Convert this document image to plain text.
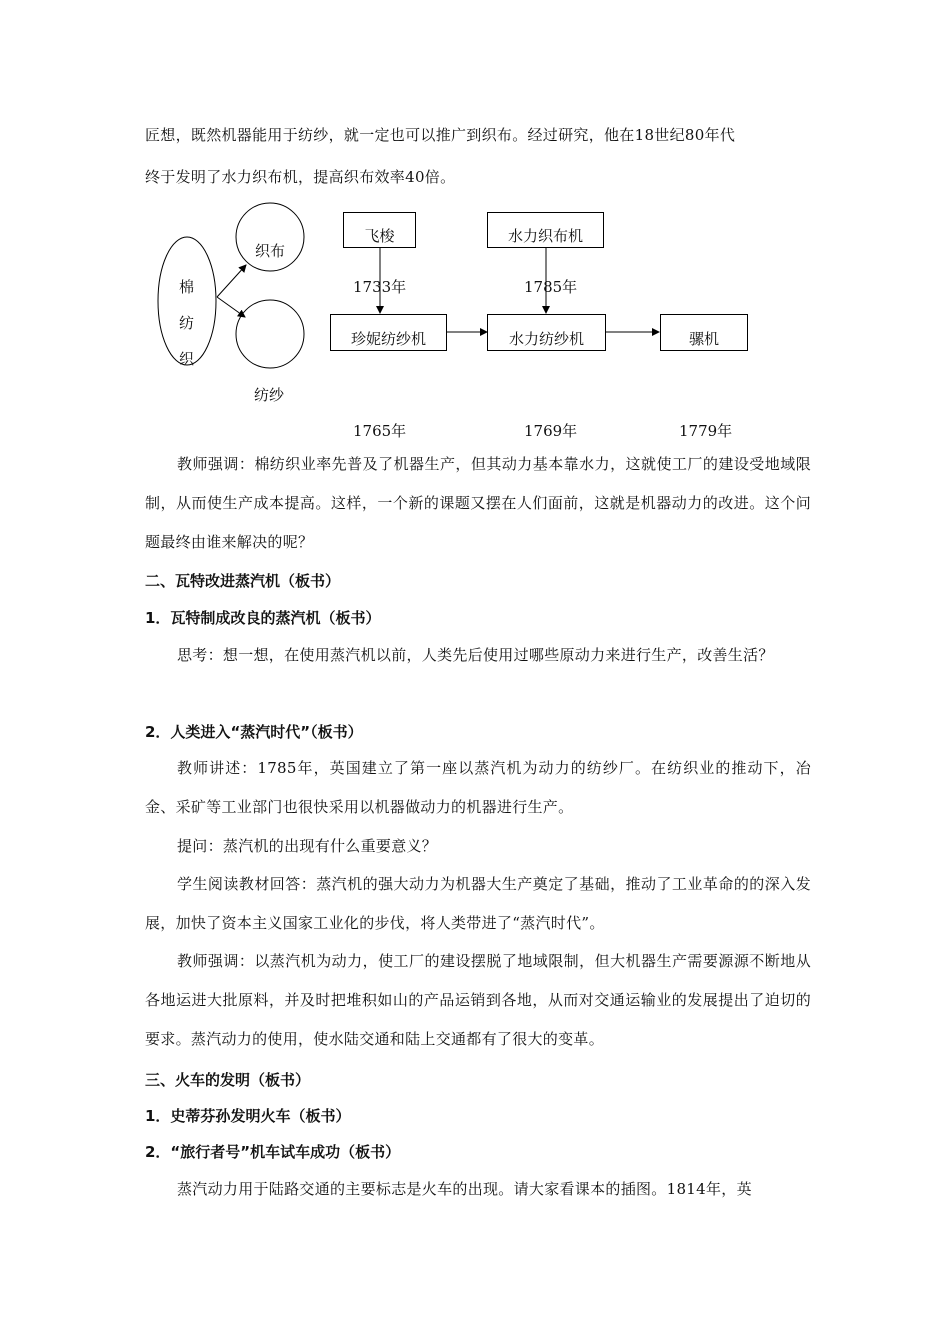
匠想，既然机器能用于纺纱，就一定也可以推广到织布。经过研究，他在18世纪80年代
终于发明了水力织布机，提高织布效率40倍。
棉
纺
织
织布
纺纱
飞梭	水力织布机
珍妮纺纱机	水力纺纱机	骡机
1733年	1785年
1765年	1769年	1779年

教师强调：棉纺织业率先普及了机器生产，但其动力基本靠水力，这就使工厂的建设受地域限制，从而使生产成本提高。这样，一个新的课题又摆在人们面前，这就是机器动力的改进。这个问题最终由谁来解决的呢？

二、瓦特改进蒸汽机（板书）
1．瓦特制成改良的蒸汽机（板书）

思考：想一想，在使用蒸汽机以前，人类先后使用过哪些原动力来进行生产，改善生活？

2．人类进入“蒸汽时代”（板书）

教师讲述：1785年，英国建立了第一座以蒸汽机为动力的纺纱厂。在纺织业的推动下，冶金、采矿等工业部门也很快采用以机器做动力的机器进行生产。

提问：蒸汽机的出现有什么重要意义？

学生阅读教材回答：蒸汽机的强大动力为机器大生产奠定了基础，推动了工业革命的的深入发展，加快了资本主义国家工业化的步伐，将人类带进了“蒸汽时代”。

教师强调：以蒸汽机为动力，使工厂的建设摆脱了地域限制，但大机器生产需要源源不断地从各地运进大批原料，并及时把堆积如山的产品运销到各地，从而对交通运输业的发展提出了迫切的要求。蒸汽动力的使用，使水陆交通和陆上交通都有了很大的变革。

三、火车的发明（板书）
1．史蒂芬孙发明火车（板书）
2．“旅行者号”机车试车成功（板书）

蒸汽动力用于陆路交通的主要标志是火车的出现。请大家看课本的插图。1814年，英
